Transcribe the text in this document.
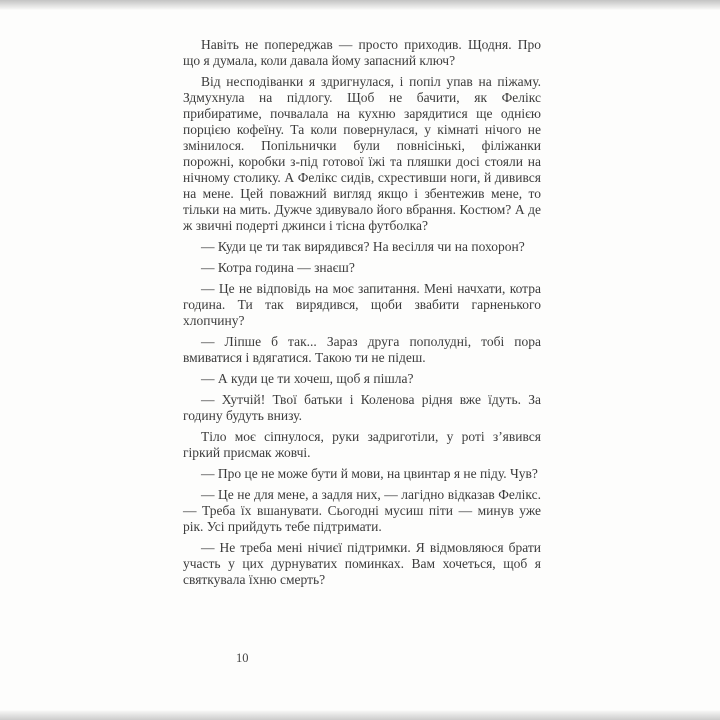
Навіть не попереджав — просто приходив. Щодня. Про що я думала, коли давала йому запасний ключ?

Від несподіванки я здригнулася, і попіл упав на піжаму. Здмухнула на підлогу. Щоб не бачити, як Фелікс прибиратиме, почвалала на кухню зарядитися ще однією порцією кофеїну. Та коли повернулася, у кімнаті нічого не змінилося. Попільнички були повнісінькі, філіжанки порожні, коробки з-під готової їжі та пляшки досі стояли на нічному столику. А Фелікс сидів, схрестивши ноги, й дивився на мене. Цей поважний вигляд якщо і збентежив мене, то тільки на мить. Дужче здивувало його вбрання. Костюм? А де ж звичні подерті джинси і тісна футболка?

— Куди це ти так вирядився? На весілля чи на похорон?

— Котра година — знаєш?

— Це не відповідь на моє запитання. Мені начхати, котра година. Ти так вирядився, щоби звабити гарненького хлопчину?

— Ліпше б так... Зараз друга пополудні, тобі пора вмиватися і вдягатися. Такою ти не підеш.

— А куди це ти хочеш, щоб я пішла?

— Хутчій! Твої батьки і Коленова рідня вже їдуть. За годину будуть внизу.

Тіло моє сіпнулося, руки задриготіли, у роті з’явився гіркий присмак жовчі.

— Про це не може бути й мови, на цвинтар я не піду. Чув?

— Це не для мене, а задля них, — лагідно відказав Фелікс. — Треба їх вшанувати. Сьогодні мусиш піти — минув уже рік. Усі прийдуть тебе підтримати.

— Не треба мені нічиєї підтримки. Я відмовляюся брати участь у цих дурнуватих поминках. Вам хочеться, щоб я святкувала їхню смерть?

10
